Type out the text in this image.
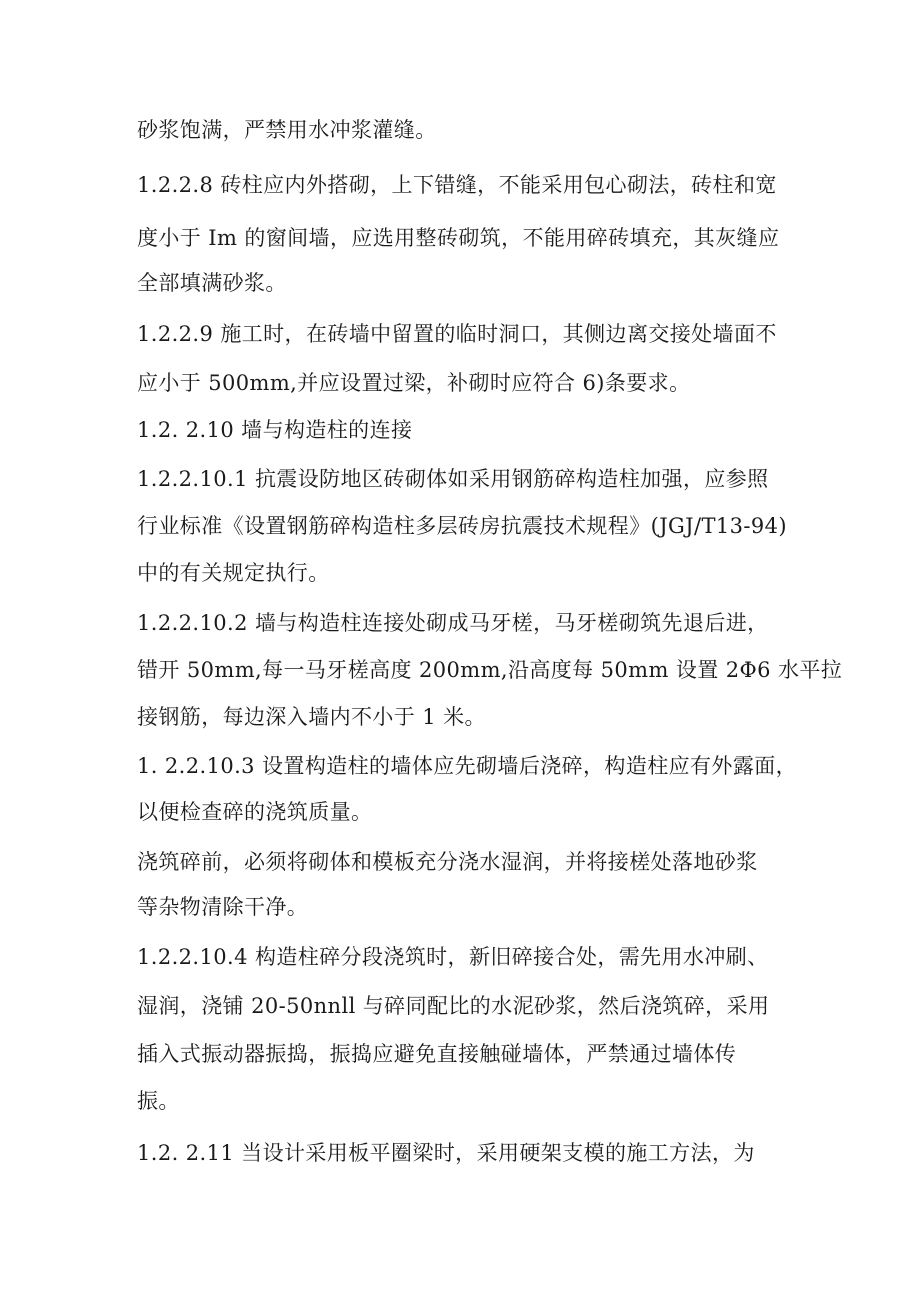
砂浆饱满，严禁用水冲浆灌缝。
1.2.2.8 砖柱应内外搭砌，上下错缝，不能采用包心砌法，砖柱和宽
度小于 Im 的窗间墙，应选用整砖砌筑，不能用碎砖填充，其灰缝应
全部填满砂浆。
1.2.2.9 施工时，在砖墙中留置的临时洞口，其侧边离交接处墙面不
应小于 500mm,并应设置过梁，补砌时应符合 6)条要求。
1.2. 2.10 墙与构造柱的连接
1.2.2.10.1 抗震设防地区砖砌体如采用钢筋碎构造柱加强，应参照
行业标准《设置钢筋碎构造柱多层砖房抗震技术规程》(JGJ/T13-94)
中的有关规定执行。
1.2.2.10.2 墙与构造柱连接处砌成马牙槎，马牙槎砌筑先退后进，
错开 50mm,每一马牙槎高度 200mm,沿高度每 50mm 设置 2Φ6 水平拉
接钢筋，每边深入墙内不小于 1 米。
1. 2.2.10.3 设置构造柱的墙体应先砌墙后浇碎，构造柱应有外露面，
以便检查碎的浇筑质量。
浇筑碎前，必须将砌体和模板充分浇水湿润，并将接槎处落地砂浆
等杂物清除干净。
1.2.2.10.4 构造柱碎分段浇筑时，新旧碎接合处，需先用水冲刷、
湿润，浇铺 20-50nnll 与碎同配比的水泥砂浆，然后浇筑碎，采用
插入式振动器振捣，振捣应避免直接触碰墙体，严禁通过墙体传
振。
1.2. 2.11 当设计采用板平圈梁时，采用硬架支模的施工方法，为
